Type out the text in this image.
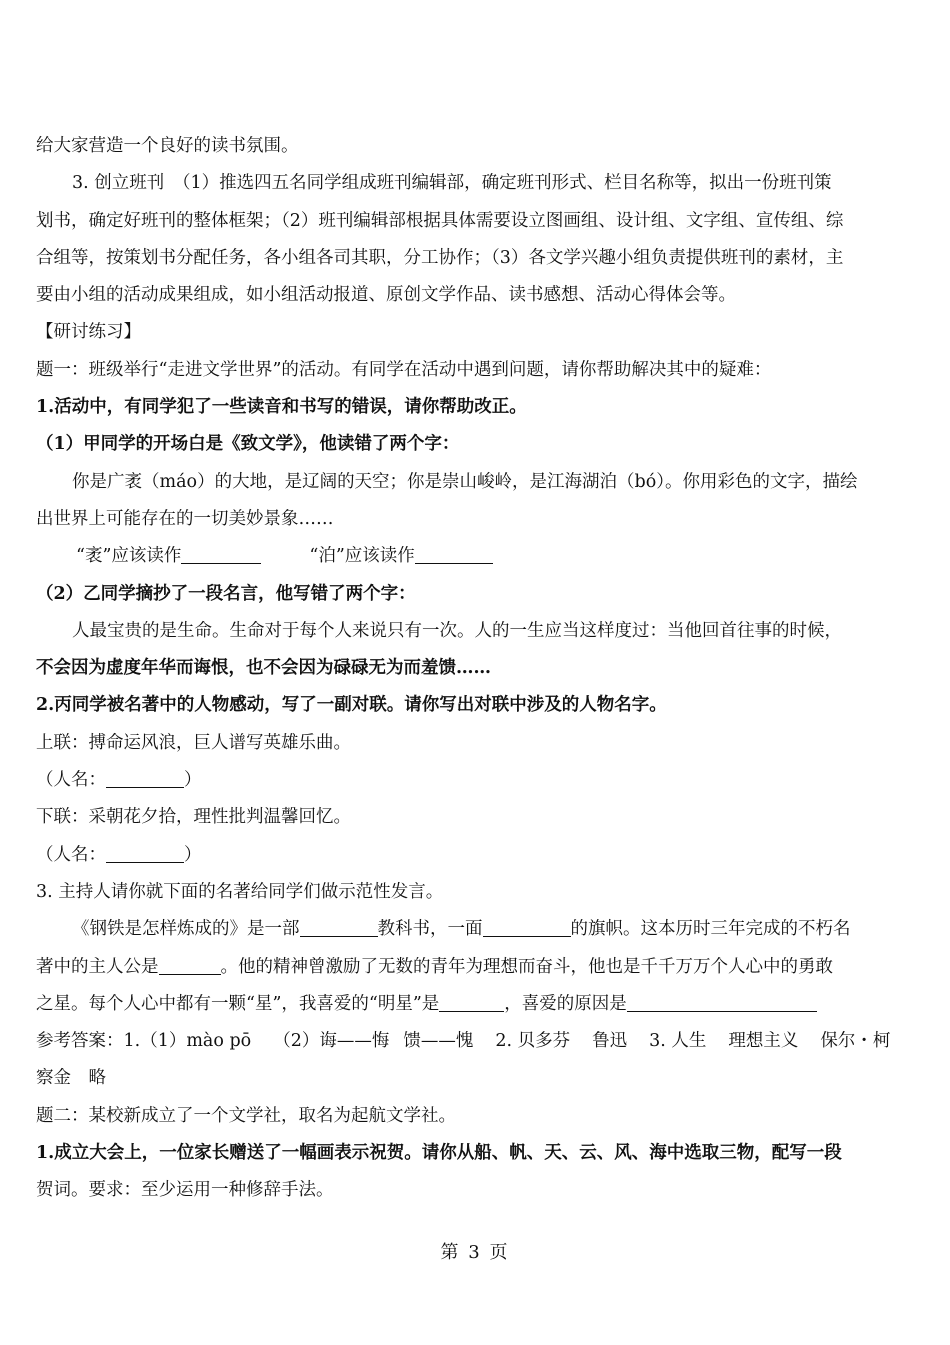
给大家营造一个良好的读书氛围。
3. 创立班刊　（1）推选四五名同学组成班刊编辑部，确定班刊形式、栏目名称等，拟出一份班刊策
划书，确定好班刊的整体框架；（2）班刊编辑部根据具体需要设立图画组、设计组、文字组、宣传组、综
合组等，按策划书分配任务，各小组各司其职，分工协作；（3）各文学兴趣小组负责提供班刊的素材，主
要由小组的活动成果组成，如小组活动报道、原创文学作品、读书感想、活动心得体会等。
【研讨练习】
题一：班级举行“走进文学世界”的活动。有同学在活动中遇到问题，请你帮助解决其中的疑难：
1.活动中，有同学犯了一些读音和书写的错误，请你帮助改正。
（1）甲同学的开场白是《致文学》，他读错了两个字：
你是广袤（máo）的大地，是辽阔的天空；你是崇山峻岭，是江海湖泊（bó）。你用彩色的文字，描绘
出世界上可能存在的一切美妙景象……
“袤”应该读作	“泊”应该读作
（2）乙同学摘抄了一段名言，他写错了两个字：
人最宝贵的是生命。生命对于每个人来说只有一次。人的一生应当这样度过：当他回首往事的时候，
不会因为虚度年华而诲恨，也不会因为碌碌无为而羞馈……
2.丙同学被名著中的人物感动，写了一副对联。请你写出对联中涉及的人物名字。
上联：搏命运风浪，巨人谱写英雄乐曲。
（人名：	）
下联：采朝花夕拾，理性批判温馨回忆。
（人名：	）
3. 主持人请你就下面的名著给同学们做示范性发言。
《钢铁是怎样炼成的》是一部	教科书，一面	的旗帜。这本历时三年完成的不朽名
著中的主人公是	。他的精神曾激励了无数的青年为理想而奋斗，他也是千千万万个人心中的勇敢
之星。每个人心中都有一颗“星”，我喜爱的“明星”是	，喜爱的原因是
参考答案：1.（1）mào pō （2）诲——悔 馈——愧 2. 贝多芬 鲁迅 3. 人生 理想主义 保尔・柯
察金　略
题二：某校新成立了一个文学社，取名为起航文学社。
1.成立大会上，一位家长赠送了一幅画表示祝贺。请你从船、帆、天、云、风、海中选取三物，配写一段
贺词。要求：至少运用一种修辞手法。
第 3 页
